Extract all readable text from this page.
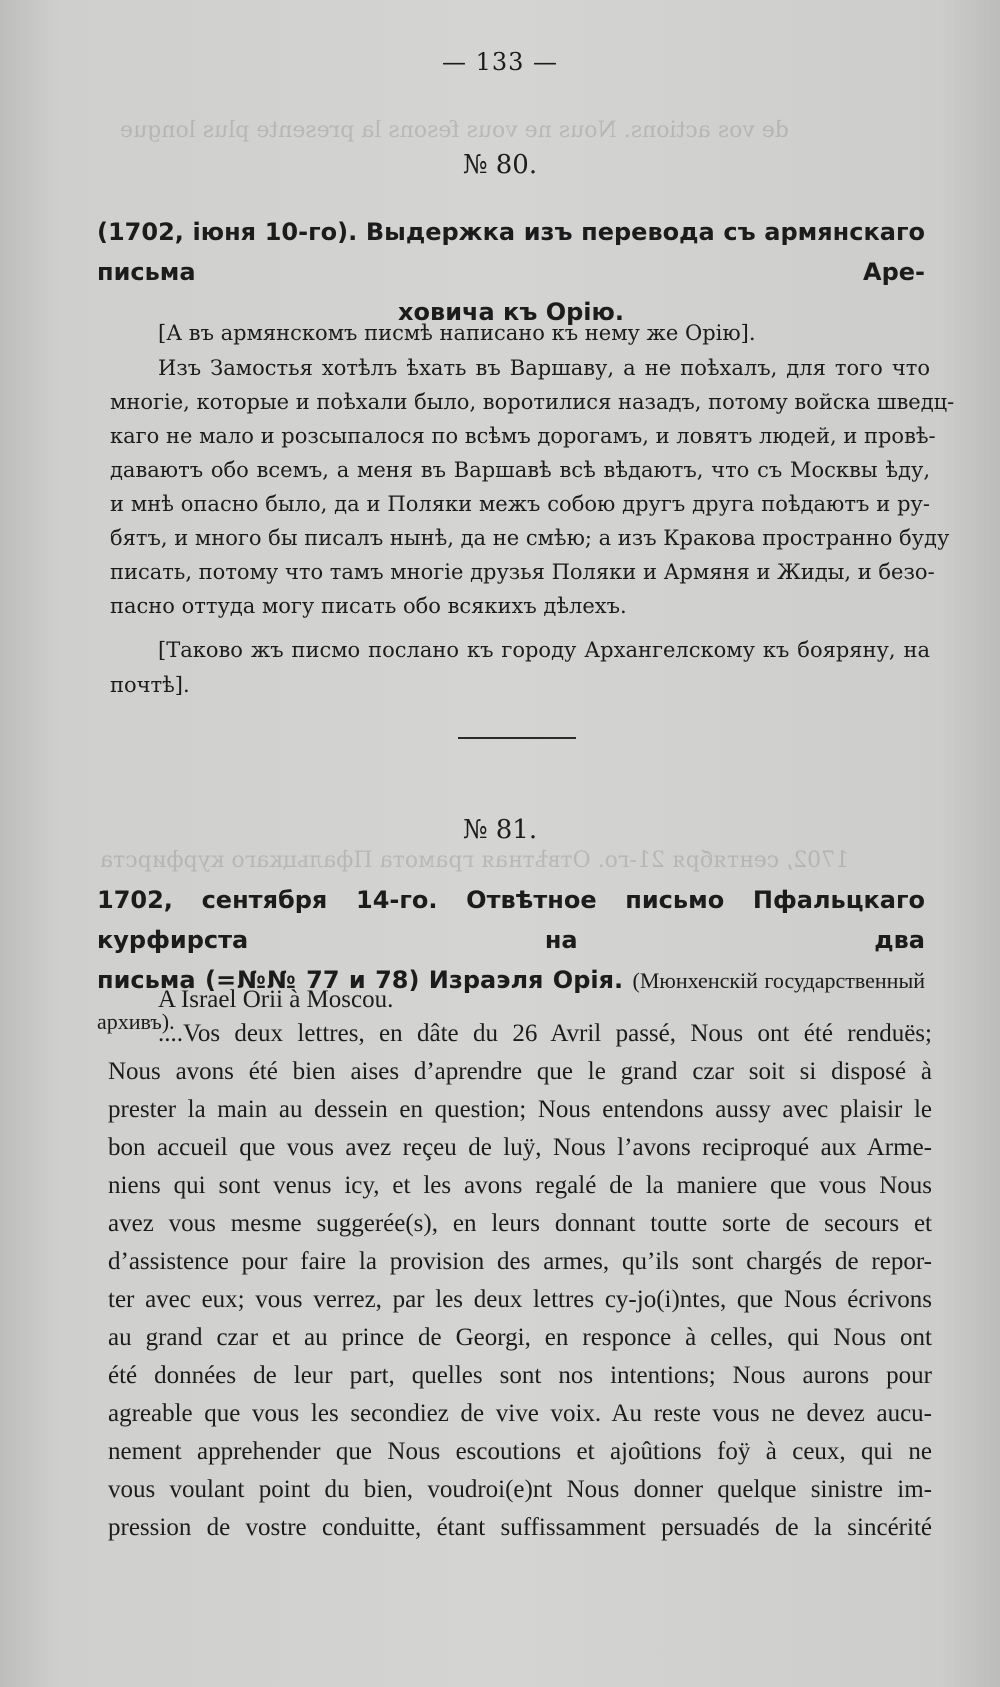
de vos actions. Nous ne vous fesons la presente plus longue
1702, сентября 21-го. Отвѣтная грамота Пфальцкаго курфирста
— 133 —
№ 80.
(1702, іюня 10-го). Выдержка изъ перевода съ армянскаго письма Аре-
ховича къ Орію.
[А въ армянскомъ писмѣ написано къ нему же Орію].
Изъ Замостья хотѣлъ ѣхать въ Варшаву, а не поѣхалъ, для того что
многіе, которые и поѣхали было, воротилися назадъ, потому войска шведц-
каго не мало и розсыпалося по всѣмъ дорогамъ, и ловятъ людей, и провѣ-
даваютъ обо всемъ, а меня въ Варшавѣ всѣ вѣдаютъ, что съ Москвы ѣду,
и мнѣ опасно было, да и Поляки межъ собою другъ друга поѣдаютъ и ру-
бятъ, и много бы писалъ нынѣ, да не смѣю; а изъ Кракова пространно буду
писать, потому что тамъ многіе друзья Поляки и Армяня и Жиды, и безо-
пасно оттуда могу писать обо всякихъ дѣлехъ.
[Таково жъ писмо послано къ городу Архангелскому къ бояряну, на
почтѣ].
№ 81.
1702, сентября 14-го. Отвѣтное письмо Пфальцкаго курфирста на два
письма (=№№ 77 и 78) Израэля Орія. (Мюнхенскій государственный архивъ).
A Israel Orii à Moscou.
....Vos deux lettres, en dâte du 26 Avril passé, Nous ont été renduës;
Nous avons été bien aises d’aprendre que le grand czar soit si disposé à
prester la main au dessein en question; Nous entendons aussy avec plaisir le
bon accueil que vous avez reçeu de luÿ, Nous l’avons reciproqué aux Arme-
niens qui sont venus icy, et les avons regalé de la maniere que vous Nous
avez vous mesme suggerée(s), en leurs donnant toutte sorte de secours et
d’assistence pour faire la provision des armes, qu’ils sont chargés de repor-
ter avec eux; vous verrez, par les deux lettres cy-jo(i)ntes, que Nous écrivons
au grand czar et au prince de Georgi, en responce à celles, qui Nous ont
été données de leur part, quelles sont nos intentions; Nous aurons pour
agreable que vous les secondiez de vive voix. Au reste vous ne devez aucu-
nement apprehender que Nous escoutions et ajoûtions foÿ à ceux, qui ne
vous voulant point du bien, voudroi(e)nt Nous donner quelque sinistre im-
pression de vostre conduitte, étant suffissamment persuadés de la sincérité
